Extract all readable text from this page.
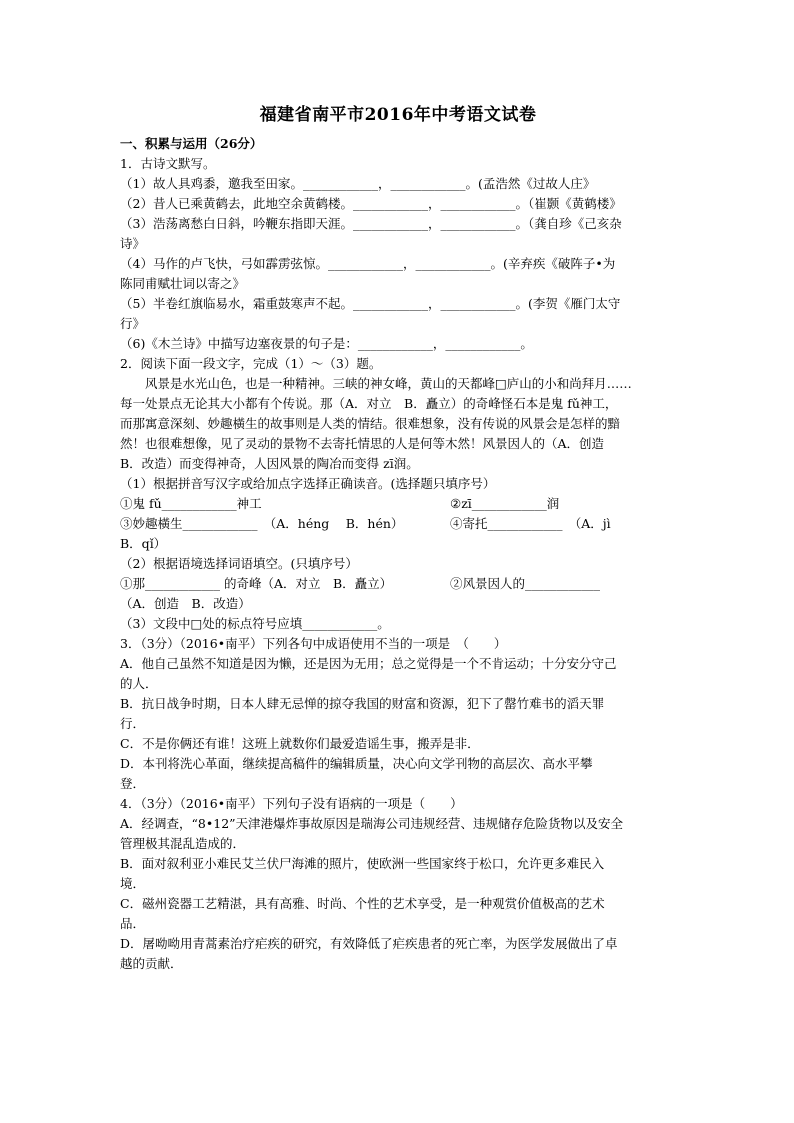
福建省南平市2016年中考语文试卷
一、积累与运用（26分）
1．古诗文默写。
（1）故人具鸡黍，邀我至田家。____________，____________。(孟浩然《过故人庄》
（2）昔人已乘黄鹤去，此地空余黄鹤楼。____________，____________。（崔颢《黄鹤楼》
（3）浩荡离愁白日斜，吟鞭东指即天涯。____________，____________。（龚自珍《己亥杂
诗》
（4）马作的卢飞快，弓如霹雳弦惊。____________，____________。(辛弃疾《破阵子•为
陈同甫赋壮词以寄之》
（5）半卷红旗临易水，霜重鼓寒声不起。____________，____________。(李贺《雁门太守
行》
（6)《木兰诗》中描写边塞夜景的句子是：____________，____________。
2．阅读下面一段文字，完成（1）～（3）题。
风景是水光山色，也是一种精神。三峡的神女峰，黄山的天都峰□庐山的小和尚拜月……
每一处景点无论其大小都有个传说。那（A．对立　B．矗立）的奇峰怪石本是鬼 fǔ神工，
而那寓意深刻、妙趣橫生的故事则是人类的情结。很难想象，没有传说的风景会是怎样的黯
然！也很难想像，见了灵动的景物不去寄托情思的人是何等木然！风景因人的（A．创造
B．改造）而变得神奇，人因风景的陶冶而变得 zī润。
（1）根据拼音写汉字或给加点字选择正确读音。(选择题只填序号）
①鬼 fǔ____________神工	②zī____________润
③妙趣橫生____________　（A．héng　 B．hén）	④寄托____________　（A．jì
B．qǐ）
（2）根据语境选择词语填空。(只填序号）
①那____________ 的奇峰（A．对立　B．矗立）	②风景因人的____________
（A．创造　B．改造）
（3）文段中□处的标点符号应填____________。
3．（3分）（2016•南平）下列各句中成语使用不当的一项是　（　　）
A．他自己虽然不知道是因为懒，还是因为无用；总之觉得是一个不肯运动；十分安分守己
的人．
B．抗日战争时期，日本人肆无忌惮的掠夺我国的财富和资源，犯下了罄竹难书的滔天罪
行．
C．不是你俩还有谁！这班上就数你们最爱造谣生事，搬弄是非．
D．本刊将洗心革面，继续提高稿件的编辑质量，决心向文学刊物的高层次、高水平攀
登．
4．（3分）（2016•南平）下列句子没有语病的一项是（　　）
A．经调查，“8•12”天津港爆炸事故原因是瑞海公司违规经营、违规储存危险货物以及安全
管理极其混乱造成的．
B．面对叙利亚小难民艾兰伏尸海滩的照片，使欧洲一些国家终于松口，允许更多难民入
境．
C．磁州瓷器工艺精湛，具有高雅、时尚、个性的艺术享受，是一种观赏价值极高的艺术
品．
D．屠呦呦用青蒿素治疗疟疾的研究，有效降低了疟疾患者的死亡率，为医学发展做出了卓
越的贡献．
